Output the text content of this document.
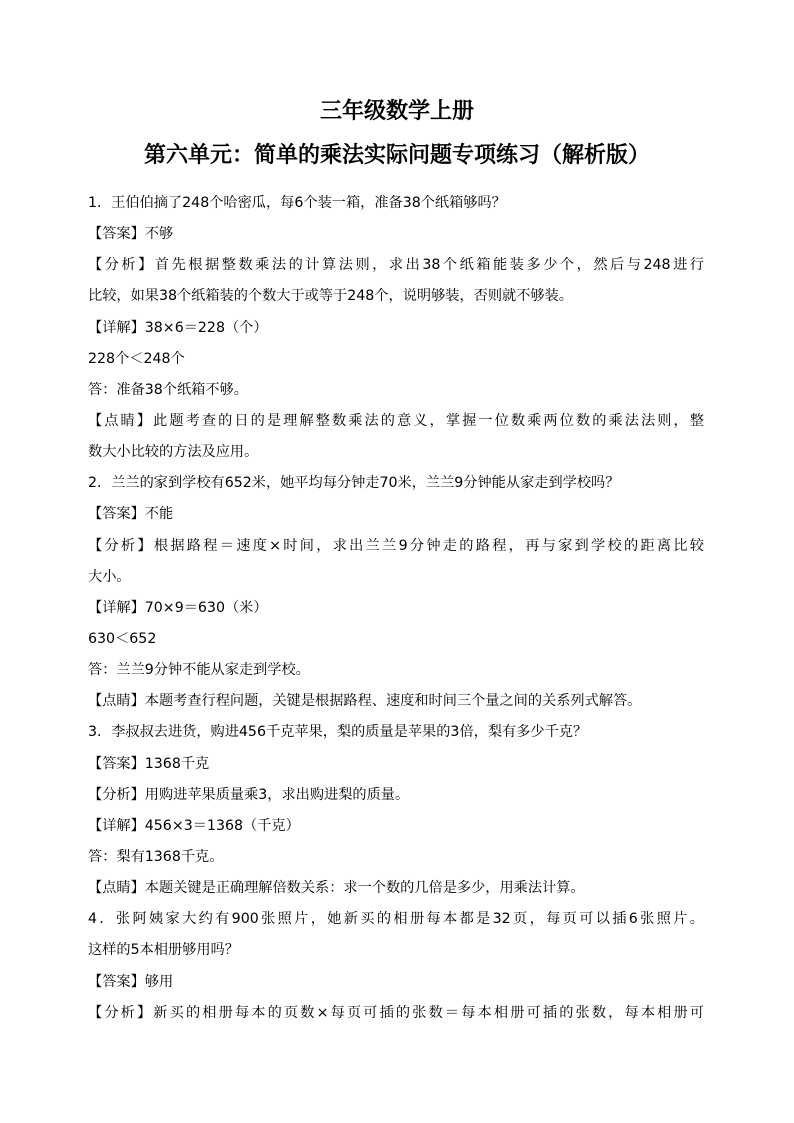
三年级数学上册
第六单元：简单的乘法实际问题专项练习（解析版）
1．王伯伯摘了248个哈密瓜，每6个装一箱，准备38个纸箱够吗？
【答案】不够
【分析】首先根据整数乘法的计算法则，求出38个纸箱能装多少个，然后与248进行
比较，如果38个纸箱装的个数大于或等于248个，说明够装，否则就不够装。
【详解】38×6＝228（个）
228个＜248个
答：准备38个纸箱不够。
【点睛】此题考查的日的是理解整数乘法的意义，掌握一位数乘两位数的乘法法则，整
数大小比较的方法及应用。
2．兰兰的家到学校有652米，她平均每分钟走70米，兰兰9分钟能从家走到学校吗？
【答案】不能
【分析】根据路程＝速度×时间，求出兰兰9分钟走的路程，再与家到学校的距离比较
大小。
【详解】70×9＝630（米）
630＜652
答：兰兰9分钟不能从家走到学校。
【点睛】本题考查行程问题，关键是根据路程、速度和时间三个量之间的关系列式解答。
3．李叔叔去进货，购进456千克苹果，梨的质量是苹果的3倍，梨有多少千克？
【答案】1368千克
【分析】用购进苹果质量乘3，求出购进梨的质量。
【详解】456×3＝1368（千克）
答：梨有1368千克。
【点睛】本题关键是正确理解倍数关系：求一个数的几倍是多少，用乘法计算。
4．张阿姨家大约有900张照片，她新买的相册每本都是32页，每页可以插6张照片。
这样的5本相册够用吗？
【答案】够用
【分析】新买的相册每本的页数×每页可插的张数＝每本相册可插的张数，每本相册可
